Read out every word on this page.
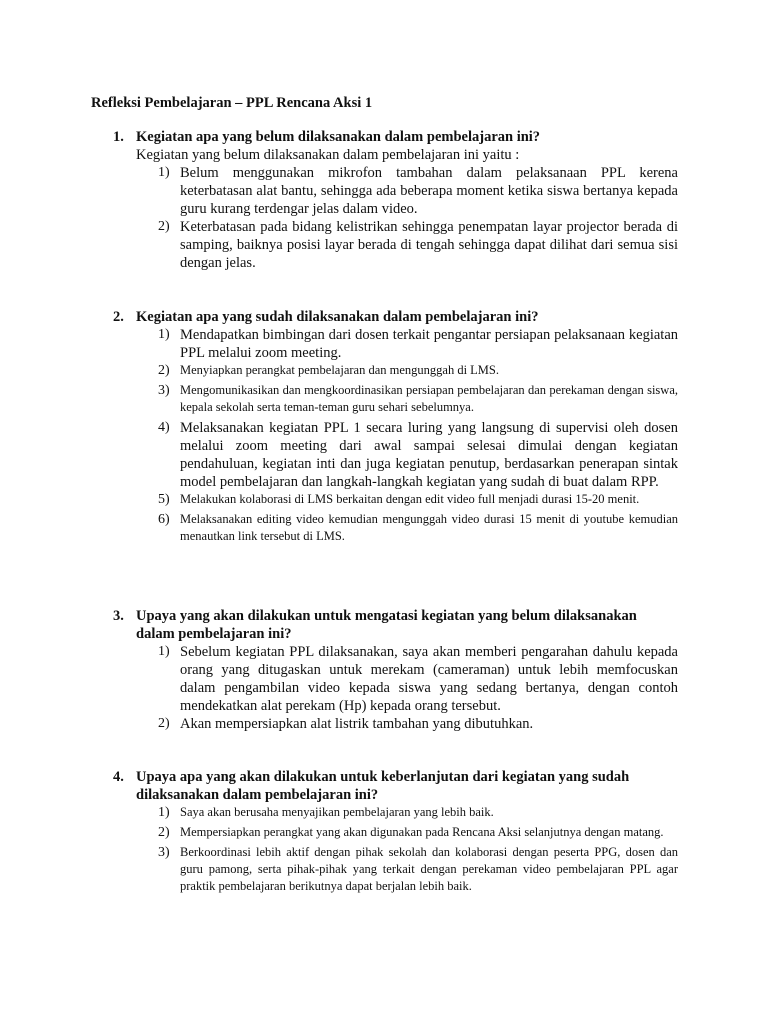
Refleksi Pembelajaran – PPL Rencana Aksi 1
1. Kegiatan apa yang belum dilaksanakan dalam pembelajaran ini?
Kegiatan yang belum dilaksanakan dalam pembelajaran ini yaitu :
1) Belum menggunakan mikrofon tambahan dalam pelaksanaan PPL kerena keterbatasan alat bantu, sehingga ada beberapa moment ketika siswa bertanya kepada guru kurang terdengar jelas dalam video.
2) Keterbatasan pada bidang kelistrikan sehingga penempatan layar projector berada di samping, baiknya posisi layar berada di tengah sehingga dapat dilihat dari semua sisi dengan jelas.
2. Kegiatan apa yang sudah dilaksanakan dalam pembelajaran ini?
1) Mendapatkan bimbingan dari dosen terkait pengantar persiapan pelaksanaan kegiatan PPL melalui zoom meeting.
2) Menyiapkan perangkat pembelajaran dan mengunggah di LMS.
3) Mengomunikasikan dan mengkoordinasikan persiapan pembelajaran dan perekaman dengan siswa, kepala sekolah serta teman-teman guru sehari sebelumnya.
4) Melaksanakan kegiatan PPL 1 secara luring yang langsung di supervisi oleh dosen melalui zoom meeting dari awal sampai selesai dimulai dengan kegiatan pendahuluan, kegiatan inti dan juga kegiatan penutup, berdasarkan penerapan sintak model pembelajaran dan langkah-langkah kegiatan yang sudah di buat dalam RPP.
5) Melakukan kolaborasi di LMS berkaitan dengan edit video full menjadi durasi 15-20 menit.
6) Melaksanakan editing video kemudian mengunggah video durasi 15 menit di youtube kemudian menautkan link tersebut di LMS.
3. Upaya yang akan dilakukan untuk mengatasi kegiatan yang belum dilaksanakan dalam pembelajaran ini?
1) Sebelum kegiatan PPL dilaksanakan, saya akan memberi pengarahan dahulu kepada orang yang ditugaskan untuk merekam (cameraman) untuk lebih memfocuskan dalam pengambilan video kepada siswa yang sedang bertanya, dengan contoh mendekatkan alat perekam (Hp) kepada orang tersebut.
2) Akan mempersiapkan alat listrik tambahan yang dibutuhkan.
4. Upaya apa yang akan dilakukan untuk keberlanjutan dari kegiatan yang sudah dilaksanakan dalam pembelajaran ini?
1) Saya akan berusaha menyajikan pembelajaran yang lebih baik.
2) Mempersiapkan perangkat yang akan digunakan pada Rencana Aksi selanjutnya dengan matang.
3) Berkoordinasi lebih aktif dengan pihak sekolah dan kolaborasi dengan peserta PPG, dosen dan guru pamong, serta pihak-pihak yang terkait dengan perekaman video pembelajaran PPL agar praktik pembelajaran berikutnya dapat berjalan lebih baik.
